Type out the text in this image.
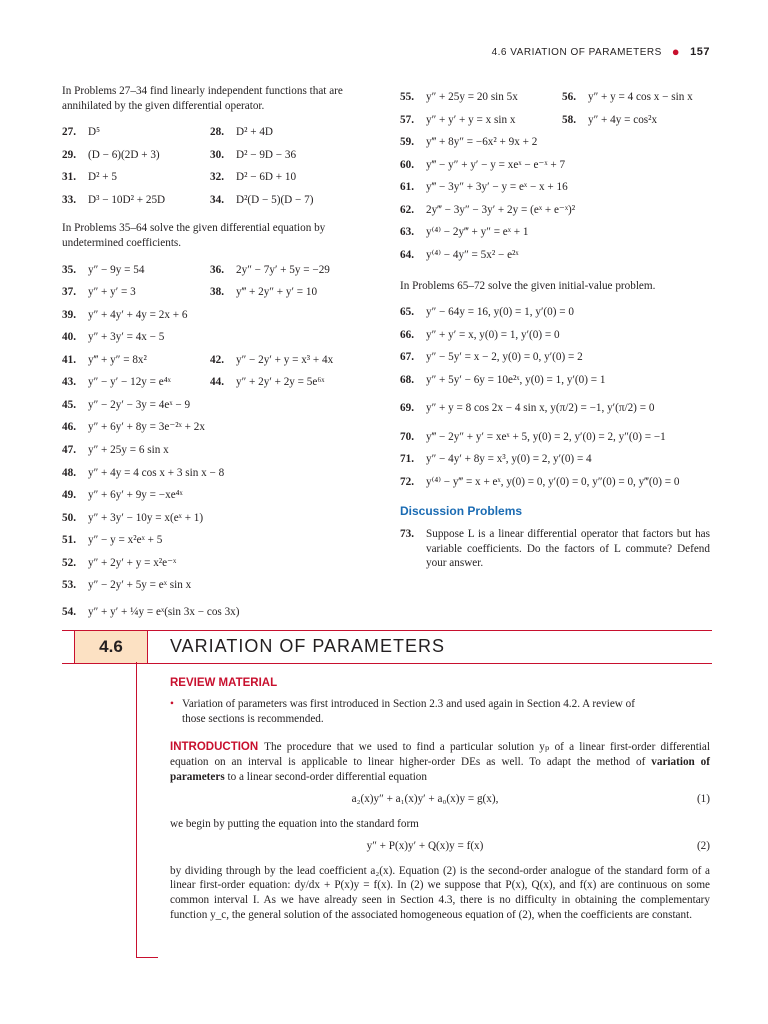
4.6 VARIATION OF PARAMETERS ● 157

In Problems 27–34 find linearly independent functions that are annihilated by the given differential operator.

27.	D⁵	28.	D² + 4D
29.	(D − 6)(2D + 3)	30.	D² − 9D − 36
31.	D² + 5	32.	D² − 6D + 10
33.	D³ − 10D² + 25D	34.	D²(D − 5)(D − 7)

In Problems 35–64 solve the given differential equation by undetermined coefficients.

35.	y″ − 9y = 54	36.	2y″ − 7y′ + 5y = −29
37.	y″ + y′ = 3	38.	y‴ + 2y″ + y′ = 10
39.	y″ + 4y′ + 4y = 2x + 6
40.	y″ + 3y′ = 4x − 5
41.	y‴ + y″ = 8x²	42.	y″ − 2y′ + y = x³ + 4x
43.	y″ − y′ − 12y = e⁴ˣ	44.	y″ + 2y′ + 2y = 5e⁶ˣ
45.	y″ − 2y′ − 3y = 4eˣ − 9
46.	y″ + 6y′ + 8y = 3e⁻²ˣ + 2x
47.	y″ + 25y = 6 sin x
48.	y″ + 4y = 4 cos x + 3 sin x − 8
49.	y″ + 6y′ + 9y = −xe⁴ˣ
50.	y″ + 3y′ − 10y = x(eˣ + 1)
51.	y″ − y = x²eˣ + 5
52.	y″ + 2y′ + y = x²e⁻ˣ
53.	y″ − 2y′ + 5y = eˣ sin x
54.	y″ + y′ + ¼y = eˣ(sin 3x − cos 3x)
55.	y″ + 25y = 20 sin 5x	56.	y″ + y = 4 cos x − sin x
57.	y″ + y′ + y = x sin x	58.	y″ + 4y = cos²x
59.	y‴ + 8y″ = −6x² + 9x + 2
60.	y‴ − y″ + y′ − y = xeˣ − e⁻ˣ + 7
61.	y‴ − 3y″ + 3y′ − y = eˣ − x + 16
62.	2y‴ − 3y″ − 3y′ + 2y = (eˣ + e⁻ˣ)²
63.	y⁽⁴⁾ − 2y‴ + y″ = eˣ + 1
64.	y⁽⁴⁾ − 4y″ = 5x² − e²ˣ

In Problems 65–72 solve the given initial-value problem.

65.	y″ − 64y = 16, y(0) = 1, y′(0) = 0
66.	y″ + y′ = x, y(0) = 1, y′(0) = 0
67.	y″ − 5y′ = x − 2, y(0) = 0, y′(0) = 2
68.	y″ + 5y′ − 6y = 10e²ˣ, y(0) = 1, y′(0) = 1
69.	y″ + y = 8 cos 2x − 4 sin x, y(π/2) = −1, y′(π/2) = 0
70.	y‴ − 2y″ + y′ = xeˣ + 5, y(0) = 2, y′(0) = 2, y″(0) = −1
71.	y″ − 4y′ + 8y = x³, y(0) = 2, y′(0) = 4
72.	y⁽⁴⁾ − y‴ = x + eˣ, y(0) = 0, y′(0) = 0, y″(0) = 0, y‴(0) = 0
Discussion Problems
73.	Suppose L is a linear differential operator that factors but has variable coefficients. Do the factors of L commute? Defend your answer.
4.6	VARIATION OF PARAMETERS
REVIEW MATERIAL
• Variation of parameters was first introduced in Section 2.3 and used again in Section 4.2. A review of those sections is recommended.

INTRODUCTION The procedure that we used to find a particular solution yₚ of a linear first-order differential equation on an interval is applicable to linear higher-order DEs as well. To adapt the method of variation of parameters to a linear second-order differential equation

a₂(x)y″ + a₁(x)y′ + a₀(x)y = g(x),	(1)

we begin by putting the equation into the standard form

y″ + P(x)y′ + Q(x)y = f(x)	(2)

by dividing through by the lead coefficient a₂(x). Equation (2) is the second-order analogue of the standard form of a linear first-order equation: dy/dx + P(x)y = f(x). In (2) we suppose that P(x), Q(x), and f(x) are continuous on some common interval I. As we have already seen in Section 4.3, there is no difficulty in obtaining the complementary function y_c, the general solution of the associated homogeneous equation of (2), when the coefficients are constant.
